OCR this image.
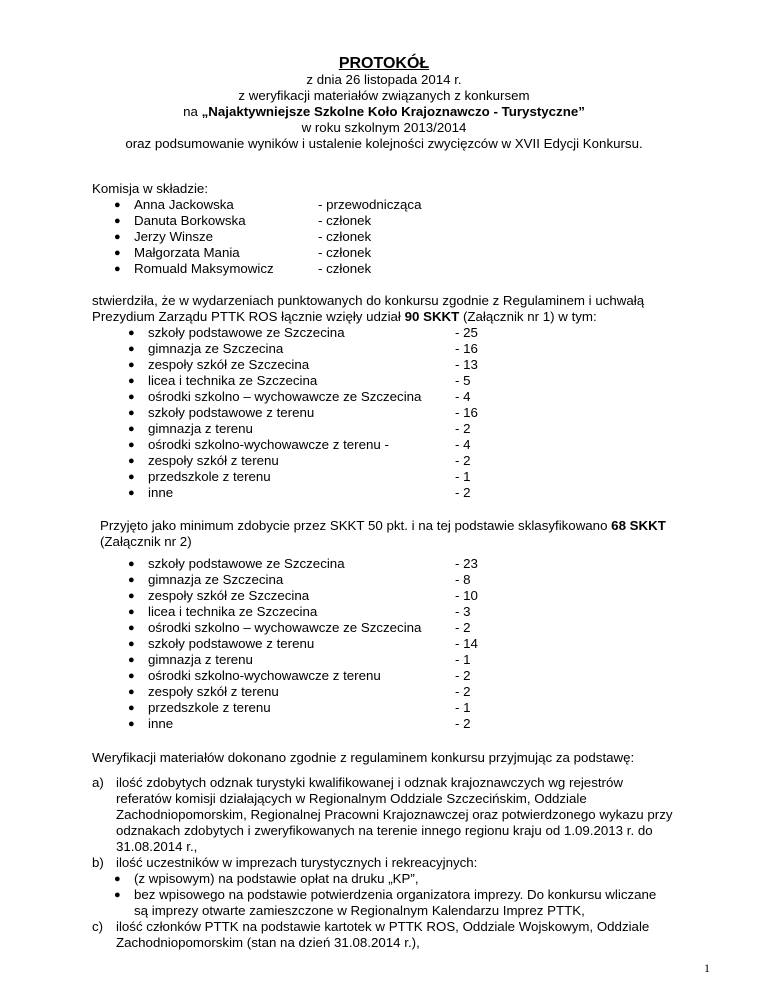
PROTOKÓŁ
z dnia 26 listopada 2014 r.
z weryfikacji materiałów związanych z konkursem
na „Najaktywniejsze Szkolne Koło Krajoznawczo - Turystyczne”
w roku szkolnym 2013/2014
oraz podsumowanie wyników i ustalenie kolejności zwycięzców w XVII Edycji Konkursu.
Komisja w składzie:
● Anna Jackowska	- przewodnicząca
● Danuta Borkowska	- członek
● Jerzy Winsze	- członek
● Małgorzata Mania	- członek
● Romuald Maksymowicz	- członek
stwierdziła, że w wydarzeniach punktowanych do konkursu zgodnie z Regulaminem i uchwałą
Prezydium Zarządu PTTK ROS łącznie wzięły udział 90 SKKT (Załącznik nr 1) w tym:
● szkoły podstawowe ze Szczecina	- 25
● gimnazja ze Szczecina	- 16
● zespoły szkół ze Szczecina	- 13
● licea i technika ze Szczecina	- 5
● ośrodki szkolno – wychowawcze ze Szczecina	- 4
● szkoły podstawowe z terenu	- 16
● gimnazja z terenu	- 2
● ośrodki szkolno-wychowawcze z terenu -	- 4
● zespoły szkół z terenu	- 2
● przedszkole z terenu	- 1
● inne	- 2
Przyjęto jako minimum zdobycie przez SKKT 50 pkt. i na tej podstawie sklasyfikowano 68 SKKT
(Załącznik nr 2)
● szkoły podstawowe ze Szczecina	- 23
● gimnazja ze Szczecina	- 8
● zespoły szkół ze Szczecina	- 10
● licea i technika ze Szczecina	- 3
● ośrodki szkolno – wychowawcze ze Szczecina	- 2
● szkoły podstawowe z terenu	- 14
● gimnazja z terenu	- 1
● ośrodki szkolno-wychowawcze z terenu	- 2
● zespoły szkół z terenu	- 2
● przedszkole z terenu	- 1
● inne	- 2
Weryfikacji materiałów dokonano zgodnie z regulaminem konkursu przyjmując za podstawę:
a) ilość zdobytych odznak turystyki kwalifikowanej i odznak krajoznawczych wg rejestrów
referatów komisji działających w Regionalnym Oddziale Szczecińskim, Oddziale
Zachodniopomorskim, Regionalnej Pracowni Krajoznawczej oraz potwierdzonego wykazu przy
odznakach zdobytych i zweryfikowanych na terenie innego regionu kraju od 1.09.2013 r. do
31.08.2014 r.,
b) ilość uczestników w imprezach turystycznych i rekreacyjnych:
● (z wpisowym) na podstawie opłat na druku „KP”,
● bez wpisowego na podstawie potwierdzenia organizatora imprezy. Do konkursu wliczane
są imprezy otwarte zamieszczone w Regionalnym Kalendarzu Imprez PTTK,
c) ilość członków PTTK na podstawie kartotek w PTTK ROS, Oddziale Wojskowym, Oddziale
Zachodniopomorskim (stan na dzień 31.08.2014 r.),
1
